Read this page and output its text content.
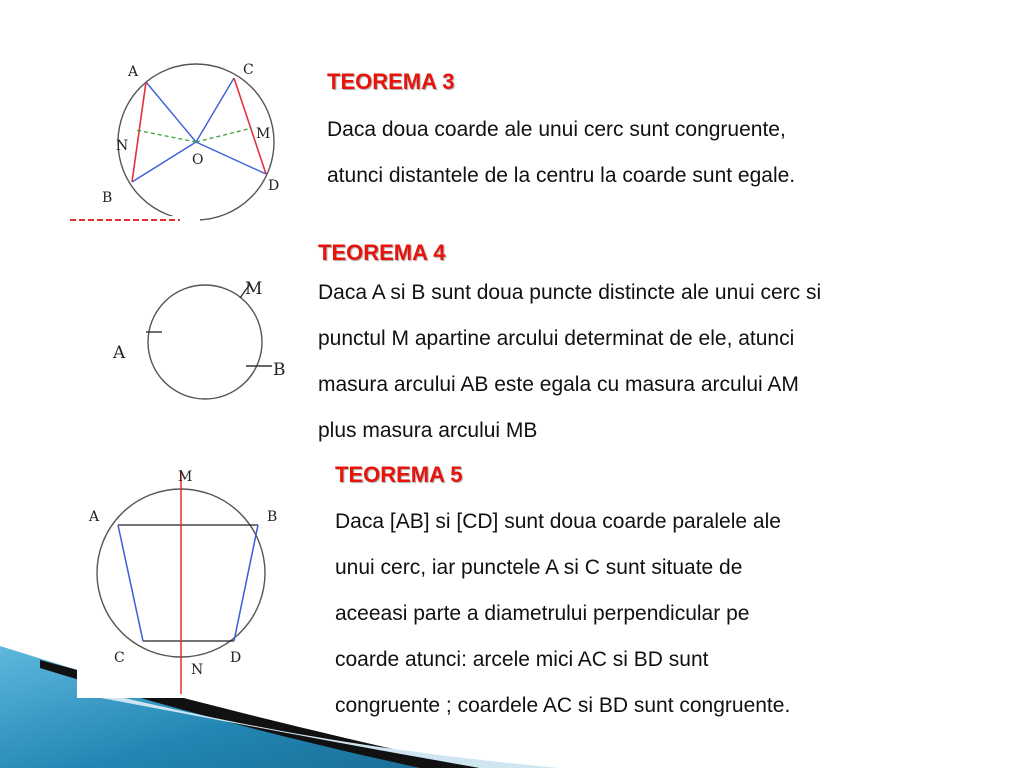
A	C
N
M
O
B
D
M
A
B
M
A	B
C	D
N
TEOREMA 3
Daca doua coarde ale unui cerc sunt congruente,
atunci distantele de la centru la coarde sunt egale.
TEOREMA 4
Daca A si B sunt doua puncte distincte ale unui cerc si
punctul M apartine arcului determinat de ele, atunci
masura arcului AB este egala cu masura arcului AM
plus masura arcului MB
TEOREMA 5
Daca [AB] si [CD] sunt doua coarde paralele ale
unui cerc, iar punctele A si C sunt situate de
aceeasi parte a diametrului perpendicular pe
coarde atunci: arcele mici AC si BD sunt
congruente ; coardele AC si BD sunt congruente.
